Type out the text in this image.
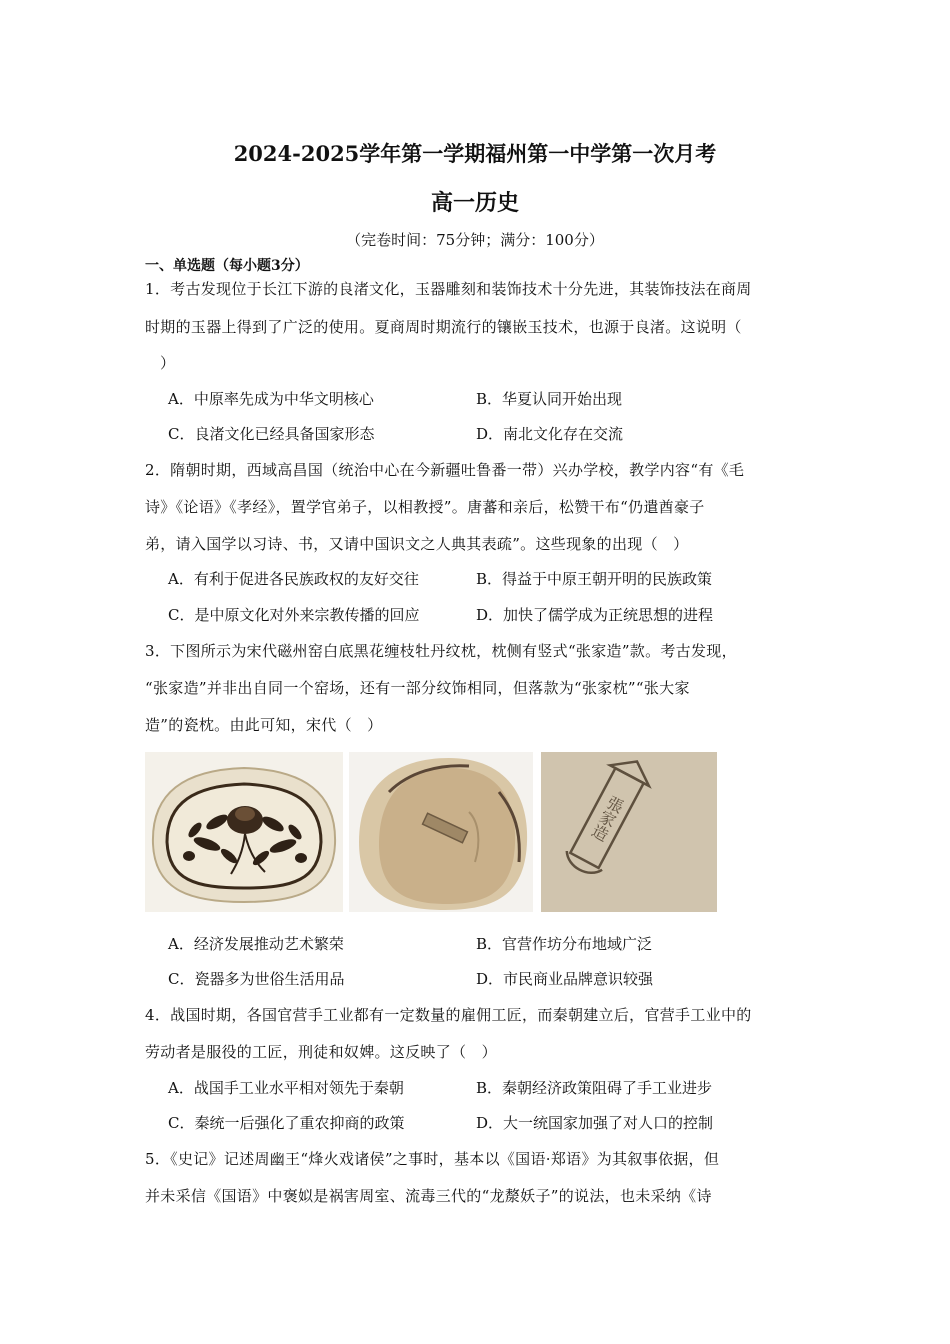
2024-2025学年第一学期福州第一中学第一次月考
高一历史
（完卷时间：75分钟；满分：100分）
一、单选题（每小题3分）
1．考古发现位于长江下游的良渚文化，玉器雕刻和装饰技术十分先进，其装饰技法在商周
时期的玉器上得到了广泛的使用。夏商周时期流行的镶嵌玉技术，也源于良渚。这说明（
）
A．中原率先成为中华文明核心	B．华夏认同开始出现
C．良渚文化已经具备国家形态	D．南北文化存在交流
2．隋朝时期，西域高昌国（统治中心在今新疆吐鲁番一带）兴办学校，教学内容“有《毛
诗》《论语》《孝经》，置学官弟子，以相教授”。唐蕃和亲后，松赞干布“仍遣酋豪子
弟，请入国学以习诗、书，又请中国识文之人典其表疏”。这些现象的出现（　）
A．有利于促进各民族政权的友好交往	B．得益于中原王朝开明的民族政策
C．是中原文化对外来宗教传播的回应	D．加快了儒学成为正统思想的进程
3．下图所示为宋代磁州窑白底黑花缠枝牡丹纹枕，枕侧有竖式“张家造”款。考古发现，
“张家造”并非出自同一个窑场，还有一部分纹饰相同，但落款为“张家枕”“张大家
造”的瓷枕。由此可知，宋代（　）
張家造
A．经济发展推动艺术繁荣	B．官营作坊分布地域广泛
C．瓷器多为世俗生活用品	D．市民商业品牌意识较强
4．战国时期，各国官营手工业都有一定数量的雇佣工匠，而秦朝建立后，官营手工业中的
劳动者是服役的工匠，刑徒和奴婢。这反映了（　）
A．战国手工业水平相对领先于秦朝	B．秦朝经济政策阻碍了手工业进步
C．秦统一后强化了重农抑商的政策	D．大一统国家加强了对人口的控制
5．《史记》记述周幽王“烽火戏诸侯”之事时，基本以《国语·郑语》为其叙事依据，但
并未采信《国语》中褒姒是祸害周室、流毒三代的“龙漦妖子”的说法，也未采纳《诗
